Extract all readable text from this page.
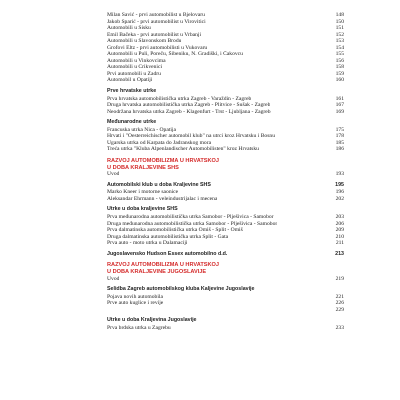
Milan Savić - prvi automobilist u Bjelovaru	148
Jakob Sparić - prvi automobilist u Virovitici	150
Automobili u Sisku	151
Emil Bačeka - prvi automobilist u Vrbanji	152
Automobili u Slavonskom Brodu	153
Grofovi Eltz - prvi automobilisti u Vukovaru	154
Automobili u Puli, Poreču, Šibeniku, N. Gradiški, i Čakovcu	155
Automobili u Vinkovcima	156
Automobili u Crikvenici	158
Prvi automobili u Zadru	159
Automobil u Opatiji	160
Prve hrvatske utrke
Prva hrvatska automobilistička utrka Zagreb - Varaždin - Zagreb	161
Druga hrvatska automobilistička utrka Zagreb - Plitvice - Sušak - Zagreb	167
Neodržana hrvatska utrka Zagreb - Klagenfurt - Trst - Ljubljana - Zagreb	169
Međunarodne utrke
Francuska utrka Nica - Opatija	175
Hrvati i "Oesterreichischer automobil klub" na utrci kroz Hrvatsku i Bosnu	178
Ugarska utrka od Karpata do Jadranskog mora	185
Treća utrka "Kluba Alpenlandischer Automobilisten" kroz Hrvatsku	186
RAZVOJ AUTOMOBILIZMA U HRVATSKOJ
U DOBA KRALJEVINE SHS
Uvod	193
Automobilski klub u doba Kraljevine SHS	195
Marko Kneer i motorne saonice	196
Aleksandar Ehrmann - veleindustrijalac i mecena	202
Utrke u doba kraljevine SHS
Prva međunarodna automobilistička utrka Samobor - Plješivica - Samobor	203
Druga međunarodna automobilistička utrka Samobor - Plješivica - Samobor	206
Prva dalmatinska automobilistička utrka Omiš - Split - Omiš	209
Druga dalmatinska automobilistička utrka Split - Gata	210
Prva auto - moto utrka u Dalamaciji	211
Jugoslavensko Hudson Essex automobilno d.d.	213
RAZVOJ AUTOMOBILIZMA U HRVATSKOJ
U DOBA KRALJEVINE JUGOSLAVIJE
Uvod	219
Selidba Zagreb automobilskog kluba Kaljevine Jugoslavije
Pojava novih automobila	221
Prve auto kuglice i revije	226
229
Utrke u doba Kraljevina Jugoslavije
Prva brdska utrka u Zagrebu	233
